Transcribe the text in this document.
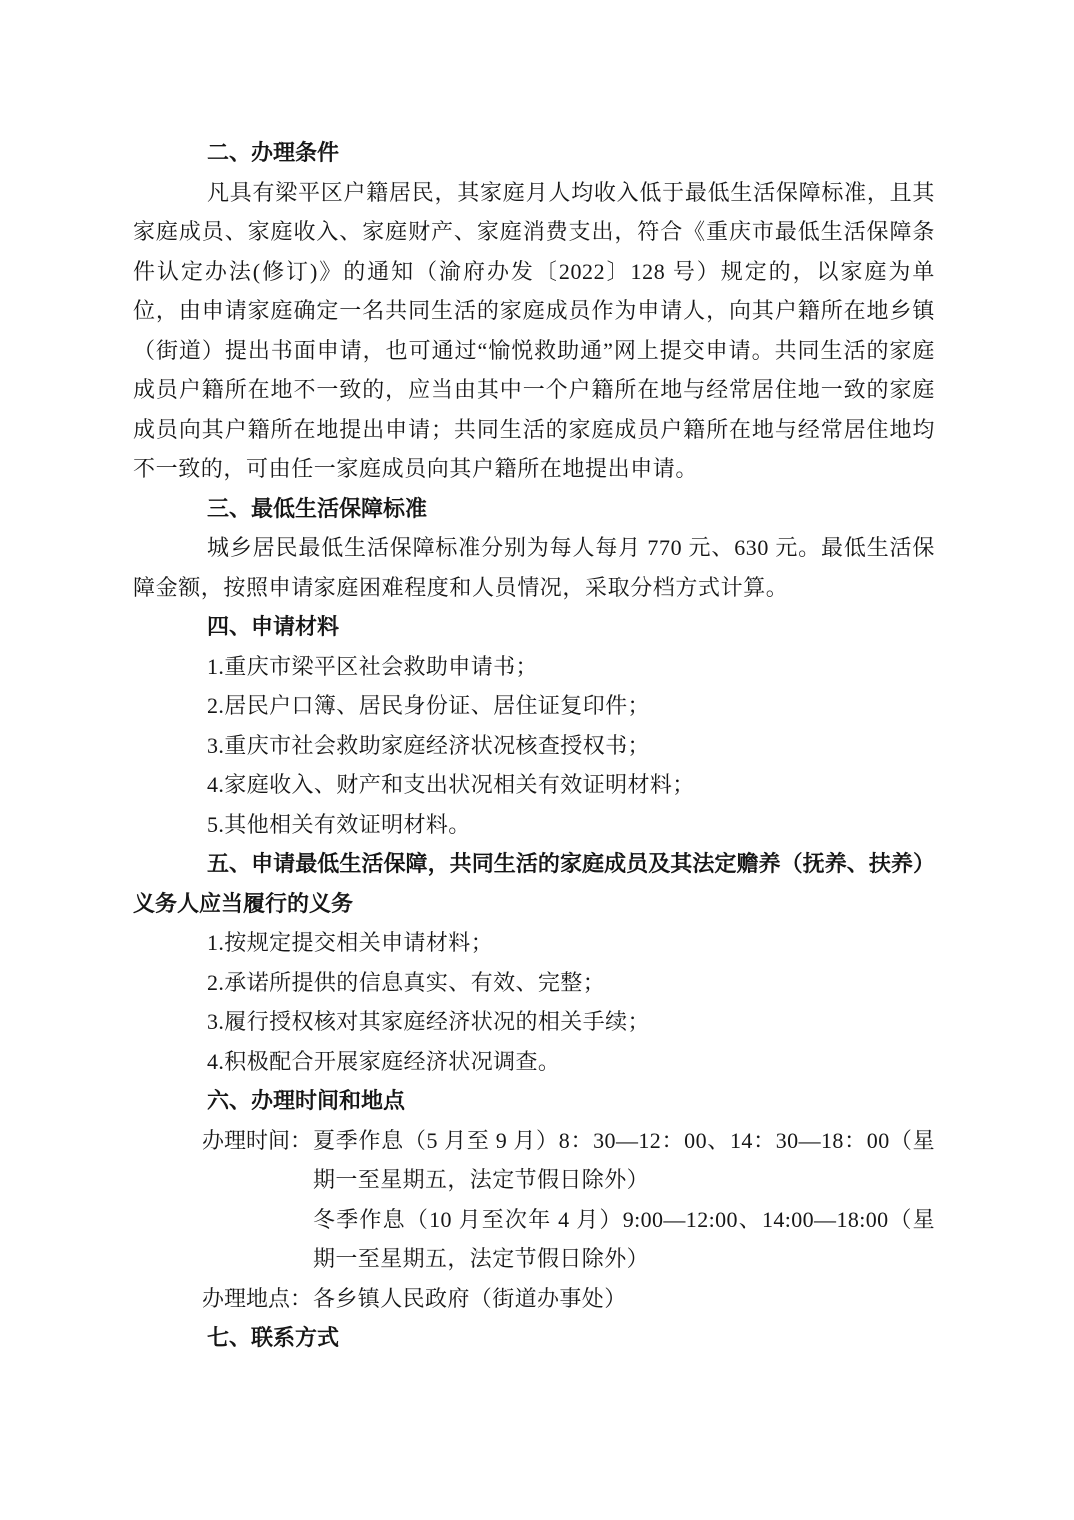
二、办理条件

凡具有梁平区户籍居民，其家庭月人均收入低于最低生活保障标准，且其家庭成员、家庭收入、家庭财产、家庭消费支出，符合《重庆市最低生活保障条件认定办法(修订)》的通知（渝府办发〔2022〕128 号）规定的，以家庭为单位，由申请家庭确定一名共同生活的家庭成员作为申请人，向其户籍所在地乡镇（街道）提出书面申请，也可通过“愉悦救助通”网上提交申请。共同生活的家庭成员户籍所在地不一致的，应当由其中一个户籍所在地与经常居住地一致的家庭成员向其户籍所在地提出申请；共同生活的家庭成员户籍所在地与经常居住地均不一致的，可由任一家庭成员向其户籍所在地提出申请。

三、最低生活保障标准

城乡居民最低生活保障标准分别为每人每月 770 元、630 元。最低生活保障金额，按照申请家庭困难程度和人员情况，采取分档方式计算。

四、申请材料

1.重庆市梁平区社会救助申请书；

2.居民户口簿、居民身份证、居住证复印件；

3.重庆市社会救助家庭经济状况核查授权书；

4.家庭收入、财产和支出状况相关有效证明材料；

5.其他相关有效证明材料。

五、申请最低生活保障，共同生活的家庭成员及其法定赡养（抚养、扶养）义务人应当履行的义务

1.按规定提交相关申请材料；

2.承诺所提供的信息真实、有效、完整；

3.履行授权核对其家庭经济状况的相关手续；

4.积极配合开展家庭经济状况调查。

六、办理时间和地点
办理时间： 夏季作息（5 月至 9 月）8：30—12：00、14：30—18：00（星期一至星期五，法定节假日除外）
冬季作息（10 月至次年 4 月）9:00—12:00、14:00—18:00（星期一至星期五，法定节假日除外）
办理地点： 各乡镇人民政府（街道办事处）
七、联系方式
